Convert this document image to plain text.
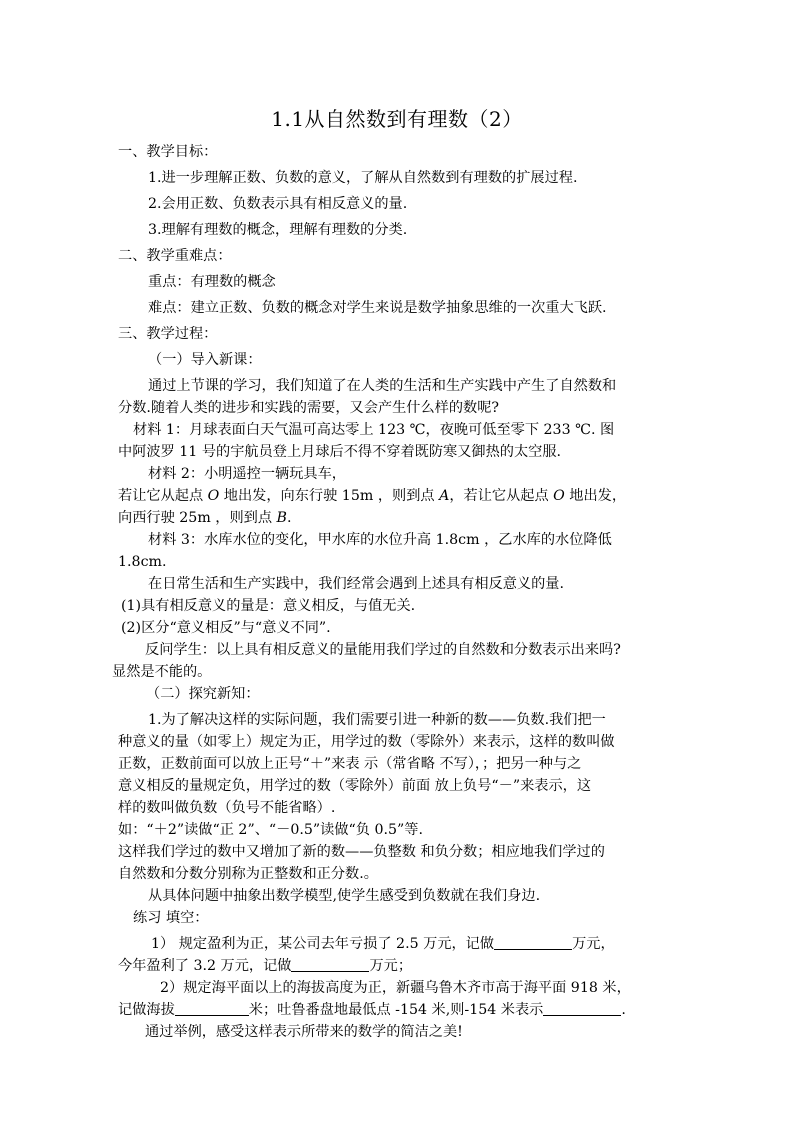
1.1从自然数到有理数（2）
一、教学目标：
1.进一步理解正数、负数的意义，了解从自然数到有理数的扩展过程.
2.会用正数、负数表示具有相反意义的量.
3.理解有理数的概念，理解有理数的分类.
二、教学重难点：
重点：有理数的概念
难点：建立正数、负数的概念对学生来说是数学抽象思维的一次重大飞跃.
三、教学过程：
（一）导入新课：
通过上节课的学习，我们知道了在人类的生活和生产实践中产生了自然数和
分数.随着人类的进步和实践的需要，又会产生什么样的数呢?
材料 1：月球表面白天气温可高达零上 123 ℃，夜晚可低至零下 233 ℃. 图
中阿波罗 11 号的宇航员登上月球后不得不穿着既防寒又御热的太空服.
材料 2：小明遥控一辆玩具车，
若让它从起点 O 地出发，向东行驶 15m ，则到点 A，若让它从起点 O 地出发，
向西行驶 25m ，则到点 B.
材料 3：水库水位的变化，甲水库的水位升高 1.8cm ，乙水库的水位降低
1.8cm.
在日常生活和生产实践中，我们经常会遇到上述具有相反意义的量.
(1)具有相反意义的量是：意义相反，与值无关.
(2)区分“意义相反”与“意义不同”.
反问学生：以上具有相反意义的量能用我们学过的自然数和分数表示出来吗?
显然是不能的。
（二）探究新知：
1.为了解决这样的实际问题，我们需要引进一种新的数——负数.我们把一
种意义的量（如零上）规定为正，用学过的数（零除外）来表示，这样的数叫做
正数，正数前面可以放上正号“＋”来表 示（常省略 不写），；把另一种与之
意义相反的量规定负，用学过的数（零除外）前面 放上负号“－”来表示，这
样的数叫做负数（负号不能省略）.
如：“＋2”读做“正 2”、“－0.5”读做“负 0.5”等.
这样我们学过的数中又增加了新的数——负整数 和负分数；相应地我们学过的
自然数和分数分别称为正整数和正分数.。
从具体问题中抽象出数学模型,使学生感受到负数就在我们身边.
练习 填空：
1） 规定盈利为正，某公司去年亏损了 2.5 万元，记做	万元，
今年盈利了 3.2 万元，记做	万元；
2）规定海平面以上的海拔高度为正，新疆乌鲁木齐市高于海平面 918 米，
记做海拔	米；吐鲁番盘地最低点 -154 米,则-154 米表示	.
通过举例，感受这样表示所带来的数学的简洁之美!
